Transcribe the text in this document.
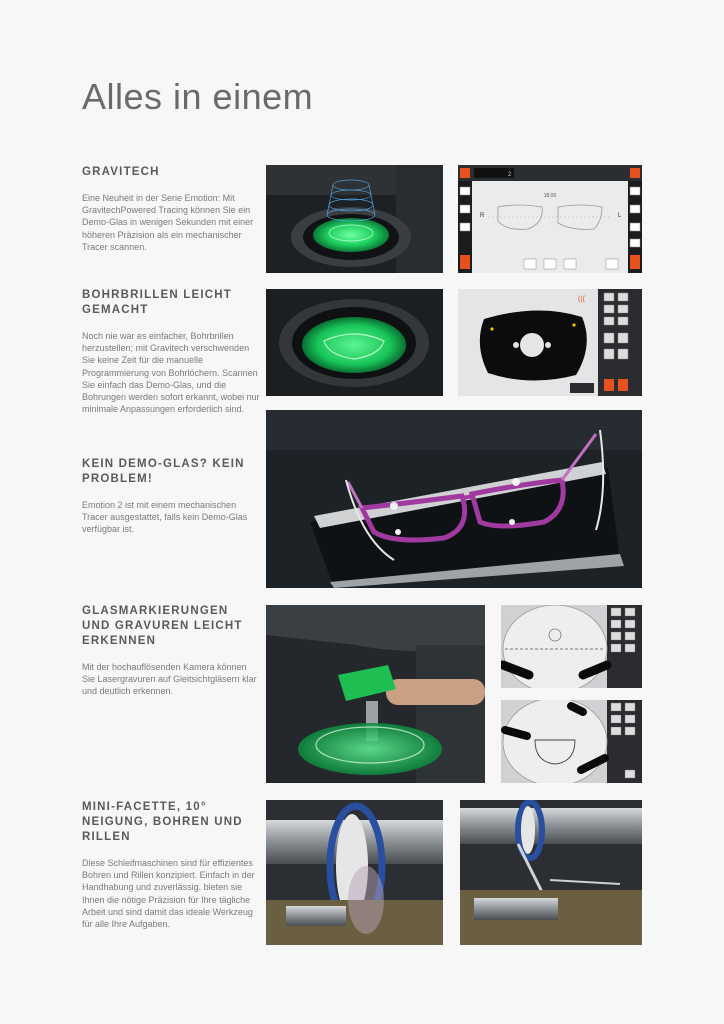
Alles in einem
GRAVITECH

Eine Neuheit in der Serie Emotion: Mit GravitechPowered Tracing können Sie ein Demo-Glas in wenigen Sekunden mit einer höheren Präzision als ein mechanischer Tracer scannen.

BOHRBRILLEN LEICHT GEMACHT

Noch nie war es einfacher, Bohrbrillen herzustellen; mit Gravitech verschwenden Sie keine Zeit für die manuelle Programmierung von Bohrlöchern. Scannen Sie einfach das Demo-Glas, und die Bohrungen werden sofort erkannt, wobei nur minimale Anpassungen erforderlich sind.

KEIN DEMO-GLAS? KEIN PROBLEM!

Emotion 2 ist mit einem mechanischen Tracer ausgestattet, falls kein Demo-Glas verfügbar ist.

GLASMARKIERUNGEN UND GRAVUREN LEICHT ERKENNEN

Mit der hochauflösenden Kamera können Sie Lasergravuren auf Gleitsichtgläsern klar und deutlich erkennen.

MINI-FACETTE, 10° NEIGUNG, BOHREN UND RILLEN

Diese Schleifmaschinen sind für effizientes Bohren und Rillen konzipiert. Einfach in der Handhabung und zuverlässig, bieten sie Ihnen die nötige Präzision für Ihre tägliche Arbeit und sind damit das ideale Werkzeug für alle Ihre Aufgaben.

2
18.00
R	L
(((
